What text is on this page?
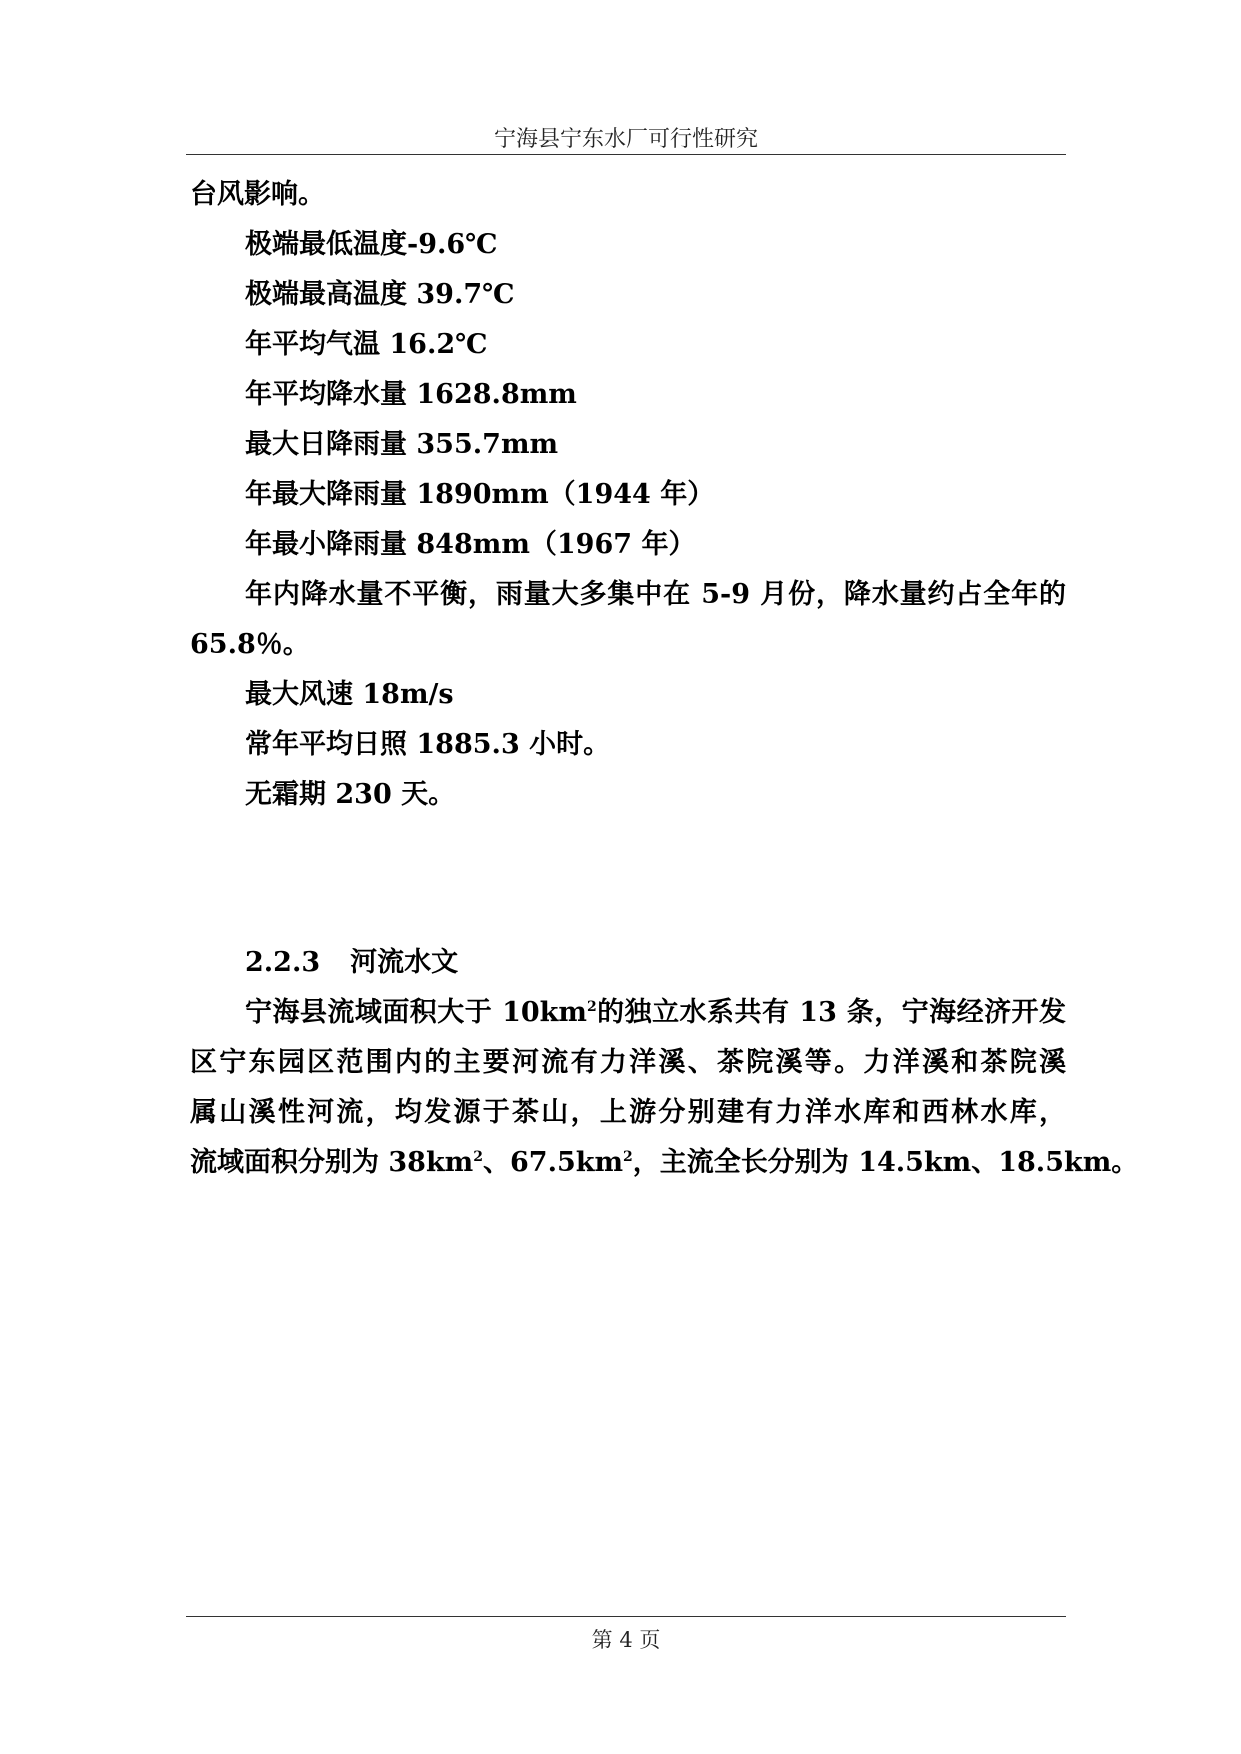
宁海县宁东水厂可行性研究
台风影响。
极端最低温度-9.6℃
极端最高温度 39.7℃
年平均气温 16.2℃
年平均降水量 1628.8mm
最大日降雨量 355.7mm
年最大降雨量 1890mm（1944 年）
年最小降雨量 848mm（1967 年）
年内降水量不平衡，雨量大多集中在 5-9 月份，降水量约占全年的
65.8％。
最大风速 18m/s
常年平均日照 1885.3 小时。
无霜期 230 天。
2.2.3 河流水文
宁海县流域面积大于 $10km^2$的独立水系共有 13 条，宁海经济开发
区宁东园区范围内的主要河流有力洋溪、茶院溪等。力洋溪和茶院溪
属山溪性河流，均发源于茶山，上游分别建有力洋水库和西林水库，
流域面积分别为 $38km^2$、$67.5km^2$，主流全长分别为 14.5km、18.5km。
第 4 页
